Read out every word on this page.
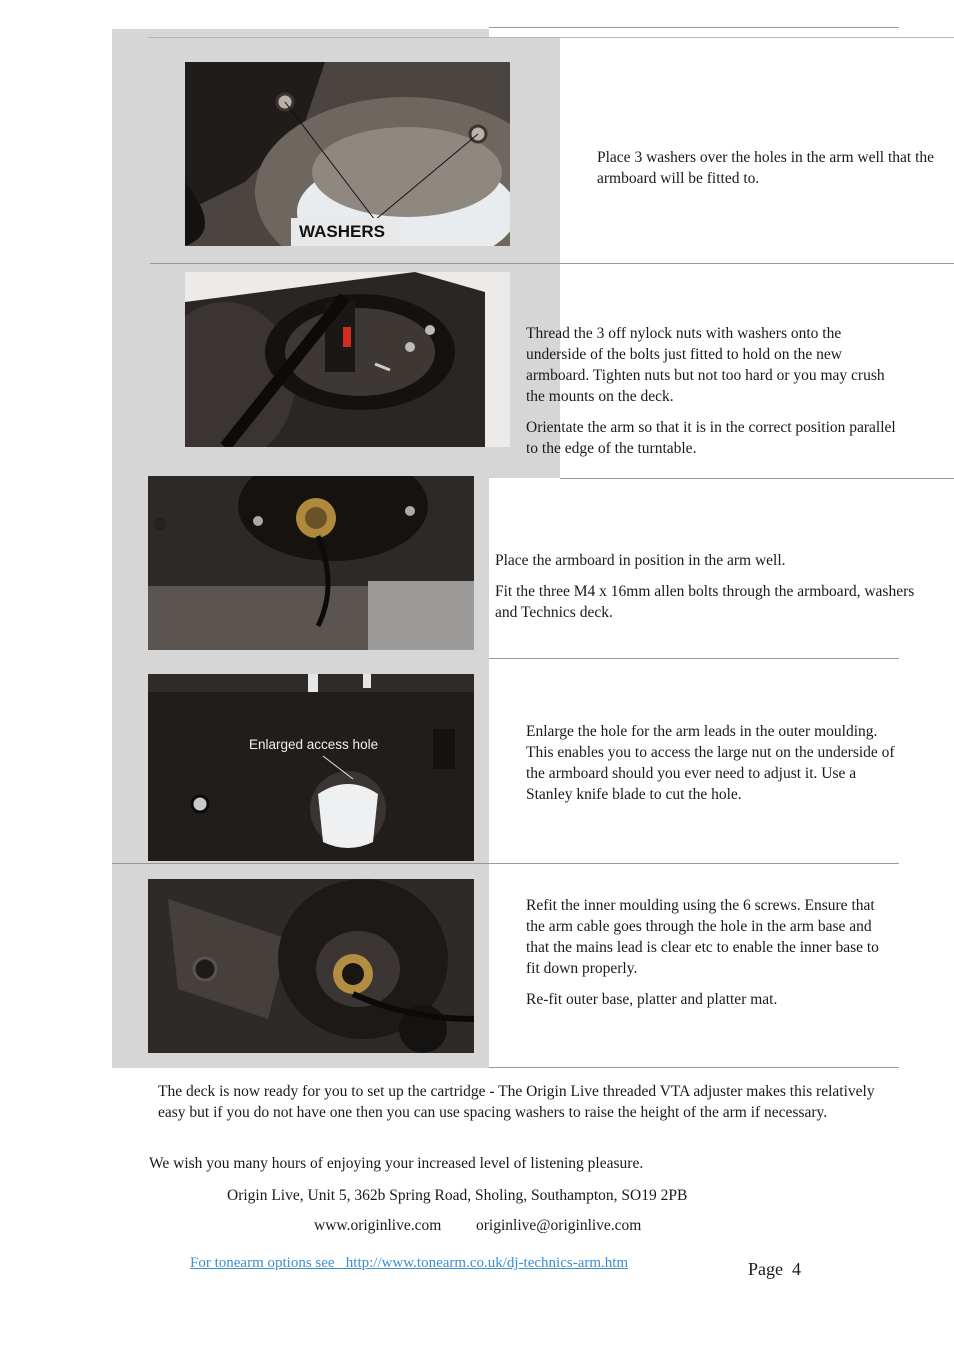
WASHERS
Enlarged access hole

Place 3 washers over the holes in the arm well that the armboard will be fitted to.

Thread the 3 off nylock nuts with washers onto the underside of the bolts just fitted to hold on the new armboard. Tighten nuts but not too hard or you may crush the mounts on the deck.

Orientate the arm so that it is in the correct position parallel to the edge of the turntable.

Place the armboard in position in the arm well.

Fit the three M4 x 16mm allen bolts through the armboard, washers and Technics deck.

Enlarge the hole for the arm leads in the outer moulding. This enables you to access the large nut on the underside of the armboard should you ever need to adjust it. Use a Stanley knife blade to cut the hole.

Refit the inner moulding using the 6 screws. Ensure that the arm cable goes through the hole in the arm base and that the mains lead is clear etc to enable the inner base to fit down properly.

Re-fit outer base, platter and platter mat.

The deck is now ready for you to set up the cartridge - The Origin Live threaded VTA adjuster makes this relatively easy but if you do not have one then you can use spacing washers to raise the height of the arm if necessary.
We wish you many hours of enjoying your increased level of listening pleasure.
Origin Live, Unit 5, 362b Spring Road, Sholing, Southampton, SO19 2PB
www.originlive.com	originlive@originlive.com
For tonearm options see   http://www.tonearm.co.uk/dj-technics-arm.htm	Page  4
